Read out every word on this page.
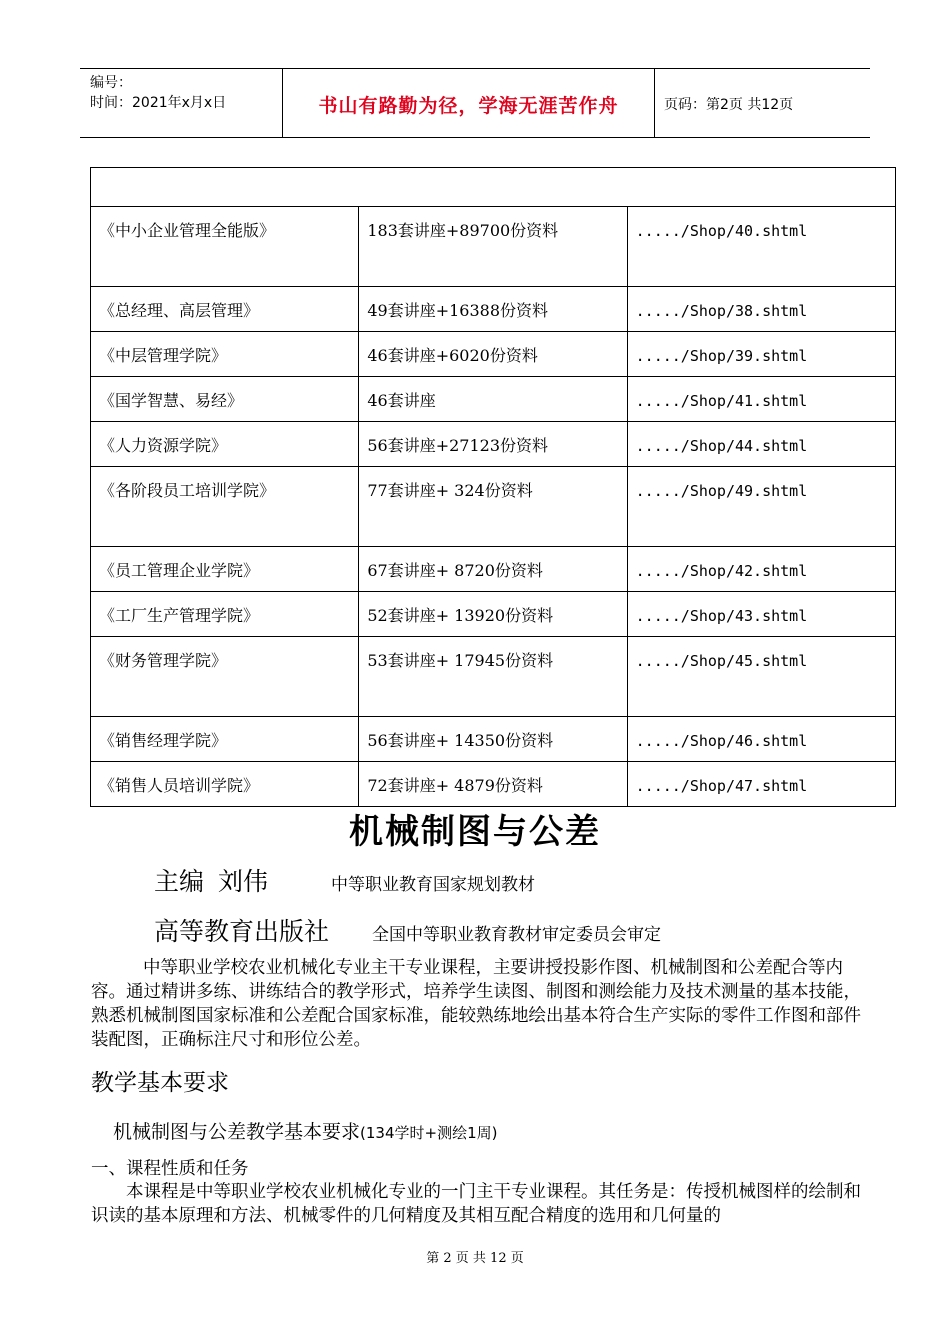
编号：
时间：2021年x月x日	书山有路勤为径，学海无涯苦作舟	页码：第2页 共12页

《中小企业管理全能版》	183套讲座+89700份资料	...../Shop/40.shtml
《总经理、高层管理》	49套讲座+16388份资料	...../Shop/38.shtml
《中层管理学院》	46套讲座+6020份资料	...../Shop/39.shtml
《国学智慧、易经》	46套讲座	...../Shop/41.shtml
《人力资源学院》	56套讲座+27123份资料	...../Shop/44.shtml
《各阶段员工培训学院》	77套讲座+ 324份资料	...../Shop/49.shtml
《员工管理企业学院》	67套讲座+ 8720份资料	...../Shop/42.shtml
《工厂生产管理学院》	52套讲座+ 13920份资料	...../Shop/43.shtml
《财务管理学院》	53套讲座+ 17945份资料	...../Shop/45.shtml
《销售经理学院》	56套讲座+ 14350份资料	...../Shop/46.shtml
《销售人员培训学院》	72套讲座+ 4879份资料	...../Shop/47.shtml
机械制图与公差
主编 刘伟	中等职业教育国家规划教材
高等教育出版社	全国中等职业教育教材审定委员会审定

中等职业学校农业机械化专业主干专业课程，主要讲授投影作图、机械制图和公差配合等内容。通过精讲多练、讲练结合的教学形式，培养学生读图、制图和测绘能力及技术测量的基本技能，熟悉机械制图国家标准和公差配合国家标准，能较熟练地绘出基本符合生产实际的零件工作图和部件装配图，正确标注尺寸和形位公差。

教学基本要求
机械制图与公差教学基本要求(134学时+测绘1周)
一、课程性质和任务

本课程是中等职业学校农业机械化专业的一门主干专业课程。其任务是：传授机械图样的绘制和识读的基本原理和方法、机械零件的几何精度及其相互配合精度的选用和几何量的

第 2 页 共 12 页
